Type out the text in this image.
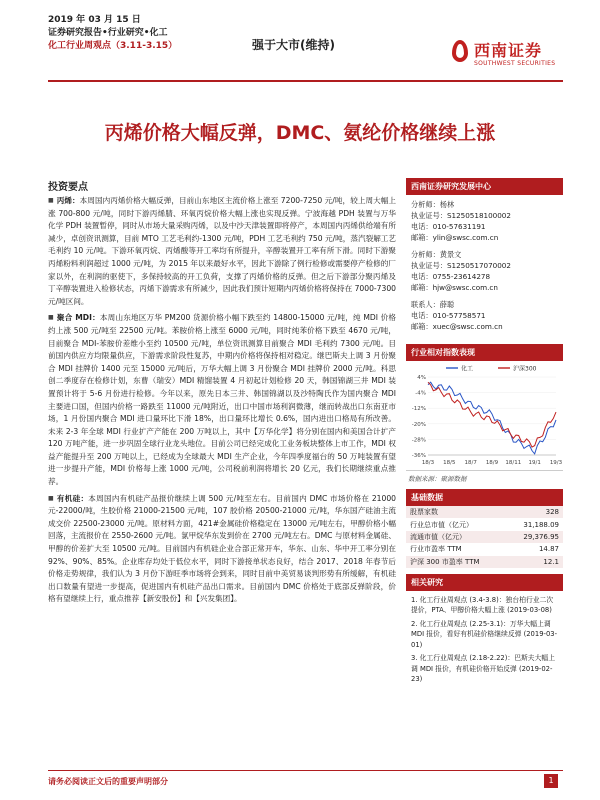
2019 年 03 月 15 日
证券研究报告•行业研究•化工
化工行业周观点（3.11-3.15）	强于大市(维持)	西南证券
SOUTHWEST SECURITIES
丙烯价格大幅反弹，DMC、氨纶价格继续上涨
投资要点

■ 丙烯：本周国内丙烯价格大幅反弹，目前山东地区主流价格上涨至 7200-7250 元/吨，较上周大幅上涨 700-800 元/吨，同时下游丙烯腈、环氧丙烷价格大幅上涨也实现反弹。宁波海越 PDH 装置与万华化学 PDH 装置暂停，同时从市场大量采购丙烯，以及中沙天津装置即将停产，本周国内丙烯供给端有所减少，卓创资讯测算，目前 MTO 工艺毛利约-1300 元/吨，PDH 工艺毛利约 750 元/吨，蒸汽裂解工艺毛利约 10 元/吨。下游环氧丙烷、丙烯酸等开工率均有所提升，辛醇装置开工率有所下滑。同时下游聚丙烯粉料利润超过 1000 元/吨，为 2015 年以来最好水平，因此下游除了例行检修或需要停产检修的厂家以外，在利润的驱使下，多保持较高的开工负荷，支撑了丙烯价格的反弹。但之后下游部分聚丙烯及丁辛醇装置进入检修状态，丙烯下游需求有所减少，因此我们预计短期内丙烯价格将保持在 7000-7300 元/吨区间。

■ 聚合 MDI：本周山东地区万华 PM200 货源价格小幅下跌至约 14800-15000 元/吨，纯 MDI 价格约上涨 500 元/吨至 22500 元/吨。苯胺价格上涨至 6000 元/吨，同时纯苯价格下跌至 4670 元/吨，目前聚合 MDI-苯胺价差维小至约 10500 元/吨，单位资讯测算目前聚合 MDI 毛利约 7300 元/吨。目前国内供应方均限量供应，下游需求阶段性复苏，中期内价格将保持相对稳定。继巴斯夫上调 3 月份聚合 MDI 挂牌价 1400 元至 15000 元/吨后，万华大幅上调 3 月份聚合 MDI 挂牌价 2000 元/吨。科思创二季度存在检修计划，东曹（瑞安）MDI 精馏装置 4 月初起计划检修 20 天，韩国锦湖三井 MDI 装置预计将于 5-6 月份进行检修。今年以来，原先日本三井、韩国锦湖以及沙特陶氏作为国内聚合 MDI 主要进口国，但国内价格一路跌至 11000 元/吨附近，出口中国市场利润微薄，继而转战出口东南亚市场，1 月份国内聚合 MDI 进口量环比下滑 18%，出口量环比增长 0.6%，国内进出口格局有所改善。未来 2-3 年全球 MDI 行业扩产产能在 200 万吨以上，其中【万华化学】将分别在国内和美国合计扩产 120 万吨产能，进一步巩固全球行业龙头地位。目前公司已经完成化工业务板块整体上市工作，MDI 权益产能提升至 200 万吨以上，已经成为全球最大 MDI 生产企业，今年四季度福台的 50 万吨装置有望进一步提升产能，MDI 价格每上涨 1000 元/吨，公司税前利润将增长 20 亿元，我们长期继续重点推荐。

■ 有机硅：本周国内有机硅产品报价继续上调 500 元/吨至左右。目前国内 DMC 市场价格在 21000 元-22000/吨，生胶价格 21000-21500 元/吨，107 胶价格 20500-21000 元/吨，华东国产硅油主流成交价 22500-23000 元/吨。原材料方面，421#金属硅价格稳定在 13000 元/吨左右，甲醇价格小幅回落，主流报价在 2550-2600 元/吨。氯甲烷华东发到价在 2700 元/吨左右。DMC 与原材料金属硅、甲醇的价差扩大至 10500 元/吨。目前国内有机硅企业合部正常开车，华东、山东、华中开工率分别在 92%、90%、85%。企业库存均处于低位水平，同时下游接单状态良好，结合 2017、2018 年春节后价格走势规律，我们认为 3 月份下游旺季市场将会到来，同时目前中美贸易谈判形势有所缓解，有机硅出口数量有望进一步提高，促进国内有机硅产品出口需求。目前国内 DMC 价格处于底部反弹阶段，价格有望继续上行，重点推荐【新安股份】和【兴发集团】。

西南证券研究发展中心
分析师：杨林
执业证号：S1250518100002
电话：010-57631191
邮箱：ylin@swsc.com.cn
分析师：黄景文
执业证号：S1250517070002
电话：0755-23614278
邮箱：hjw@swsc.com.cn
联系人：薛聪
电话：010-57758571
邮箱：xuec@swsc.com.cn
行业相对指数表现
化工	沪深300
4%
-4%
-12%
-20%
-28%
-36%
18/3 18/5 18/7 18/9 18/11 19/1 19/3
数据来源：聚源数据
基础数据
股票家数	328
行业总市值（亿元）	31,188.09
流通市值（亿元）	29,376.95
行业市盈率 TTM	14.87
沪深 300 市盈率 TTM	12.1
相关研究
1. 化工行业周观点 (3.4-3.8)：独台柏行业二次提价，PTA、甲醇价格大幅上涨 (2019-03-08)
2. 化工行业周观点 (2.25-3.1)：万华大幅上调 MDI 报价，看好有机硅价格继续反弹 (2019-03-01)
3. 化工行业周观点 (2.18-2.22)：巴斯夫大幅上调 MDI 报价，有机硅价格开始反弹 (2019-02-23)
请务必阅读正文后的重要声明部分	1
